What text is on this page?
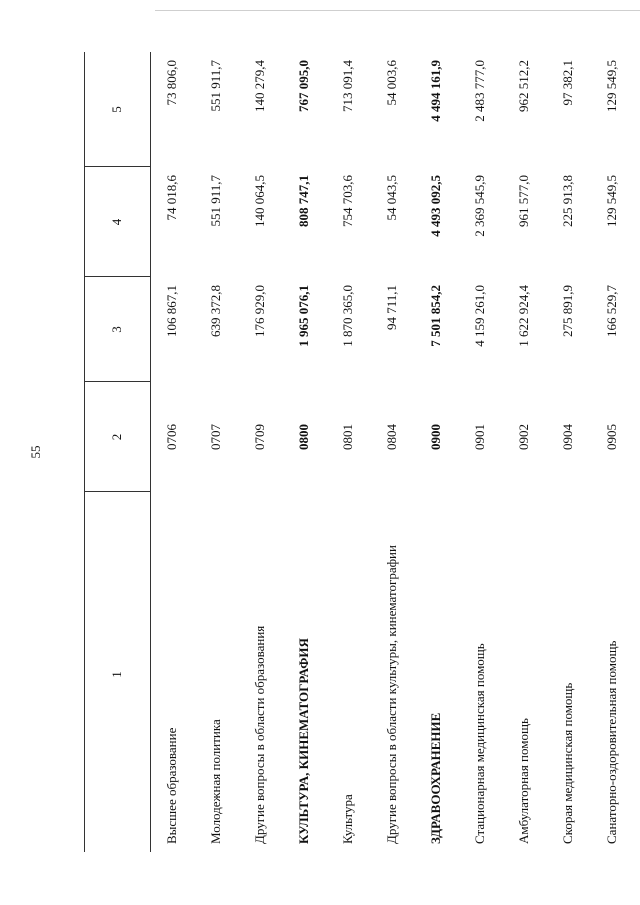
55
1
2
3
4
5
Высшее образование
0706
106 867,1
74 018,6
73 806,0
Молодежная политика
0707
639 372,8
551 911,7
551 911,7
Другие вопросы в области образования
0709
176 929,0
140 064,5
140 279,4
КУЛЬТУРА, КИНЕМАТОГРАФИЯ
0800
1 965 076,1
808 747,1
767 095,0
Культура
0801
1 870 365,0
754 703,6
713 091,4
Другие вопросы в области культуры, кинематографии
0804
94 711,1
54 043,5
54 003,6
ЗДРАВООХРАНЕНИЕ
0900
7 501 854,2
4 493 092,5
4 494 161,9
Стационарная медицинская помощь
0901
4 159 261,0
2 369 545,9
2 483 777,0
Амбулаторная помощь
0902
1 622 924,4
961 577,0
962 512,2
Скорая медицинская помощь
0904
275 891,9
225 913,8
97 382,1
Санаторно-оздоровительная помощь
0905
166 529,7
129 549,5
129 549,5
